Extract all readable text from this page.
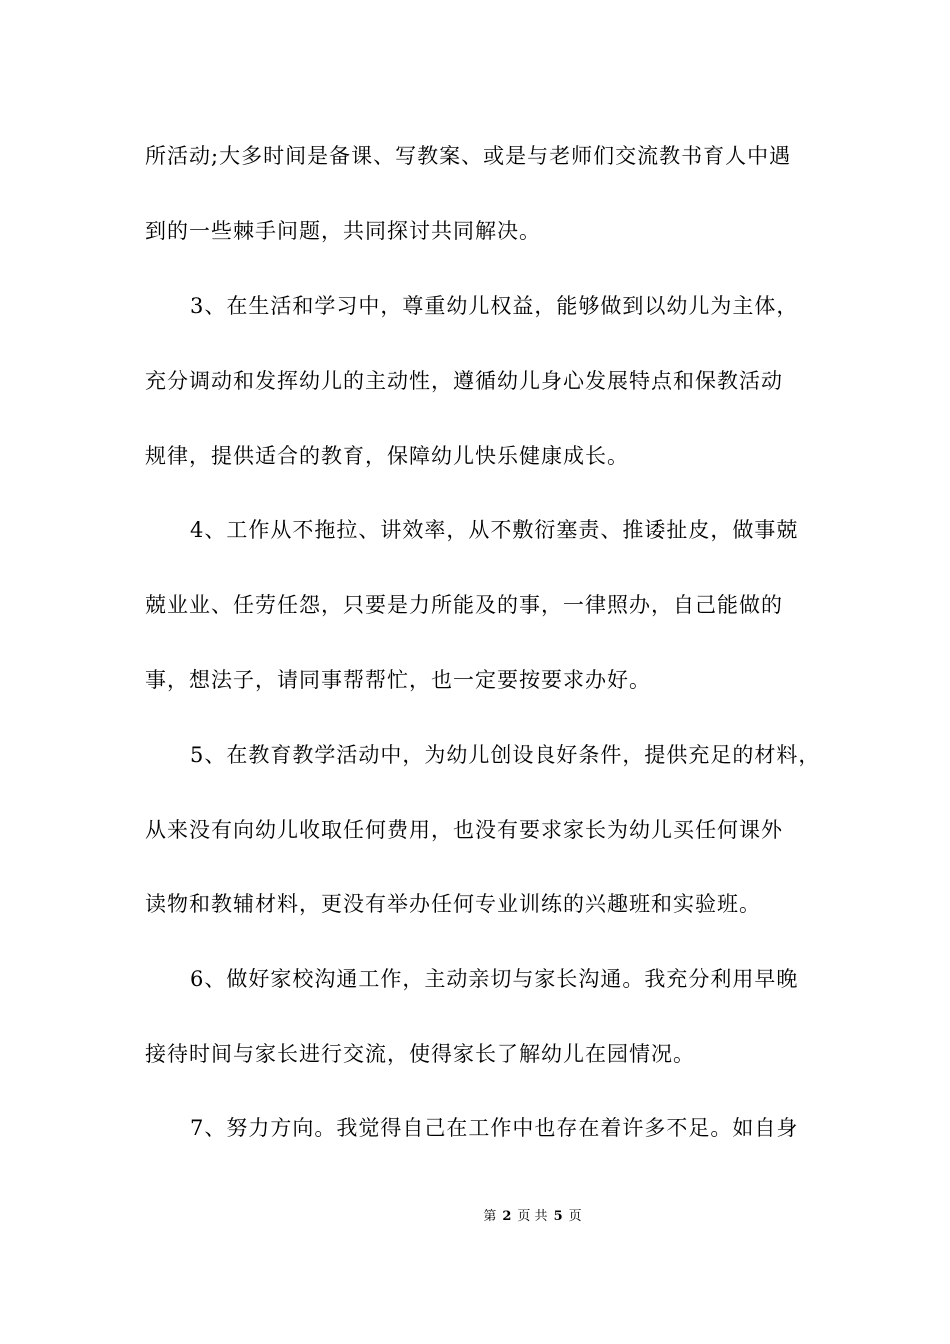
所活动;大多时间是备课、写教案、或是与老师们交流教书育人中遇
到的一些棘手问题，共同探讨共同解决。
3、在生活和学习中，尊重幼儿权益，能够做到以幼儿为主体，
充分调动和发挥幼儿的主动性，遵循幼儿身心发展特点和保教活动
规律，提供适合的教育，保障幼儿快乐健康成长。
4、工作从不拖拉、讲效率，从不敷衍塞责、推诿扯皮，做事兢
兢业业、任劳任怨，只要是力所能及的事，一律照办，自己能做的
事，想法子，请同事帮帮忙，也一定要按要求办好。
5、在教育教学活动中，为幼儿创设良好条件，提供充足的材料，
从来没有向幼儿收取任何费用，也没有要求家长为幼儿买任何课外
读物和教辅材料，更没有举办任何专业训练的兴趣班和实验班。
6、做好家校沟通工作，主动亲切与家长沟通。我充分利用早晚
接待时间与家长进行交流，使得家长了解幼儿在园情况。
7、努力方向。我觉得自己在工作中也存在着许多不足。如自身
第 2 页 共 5 页
